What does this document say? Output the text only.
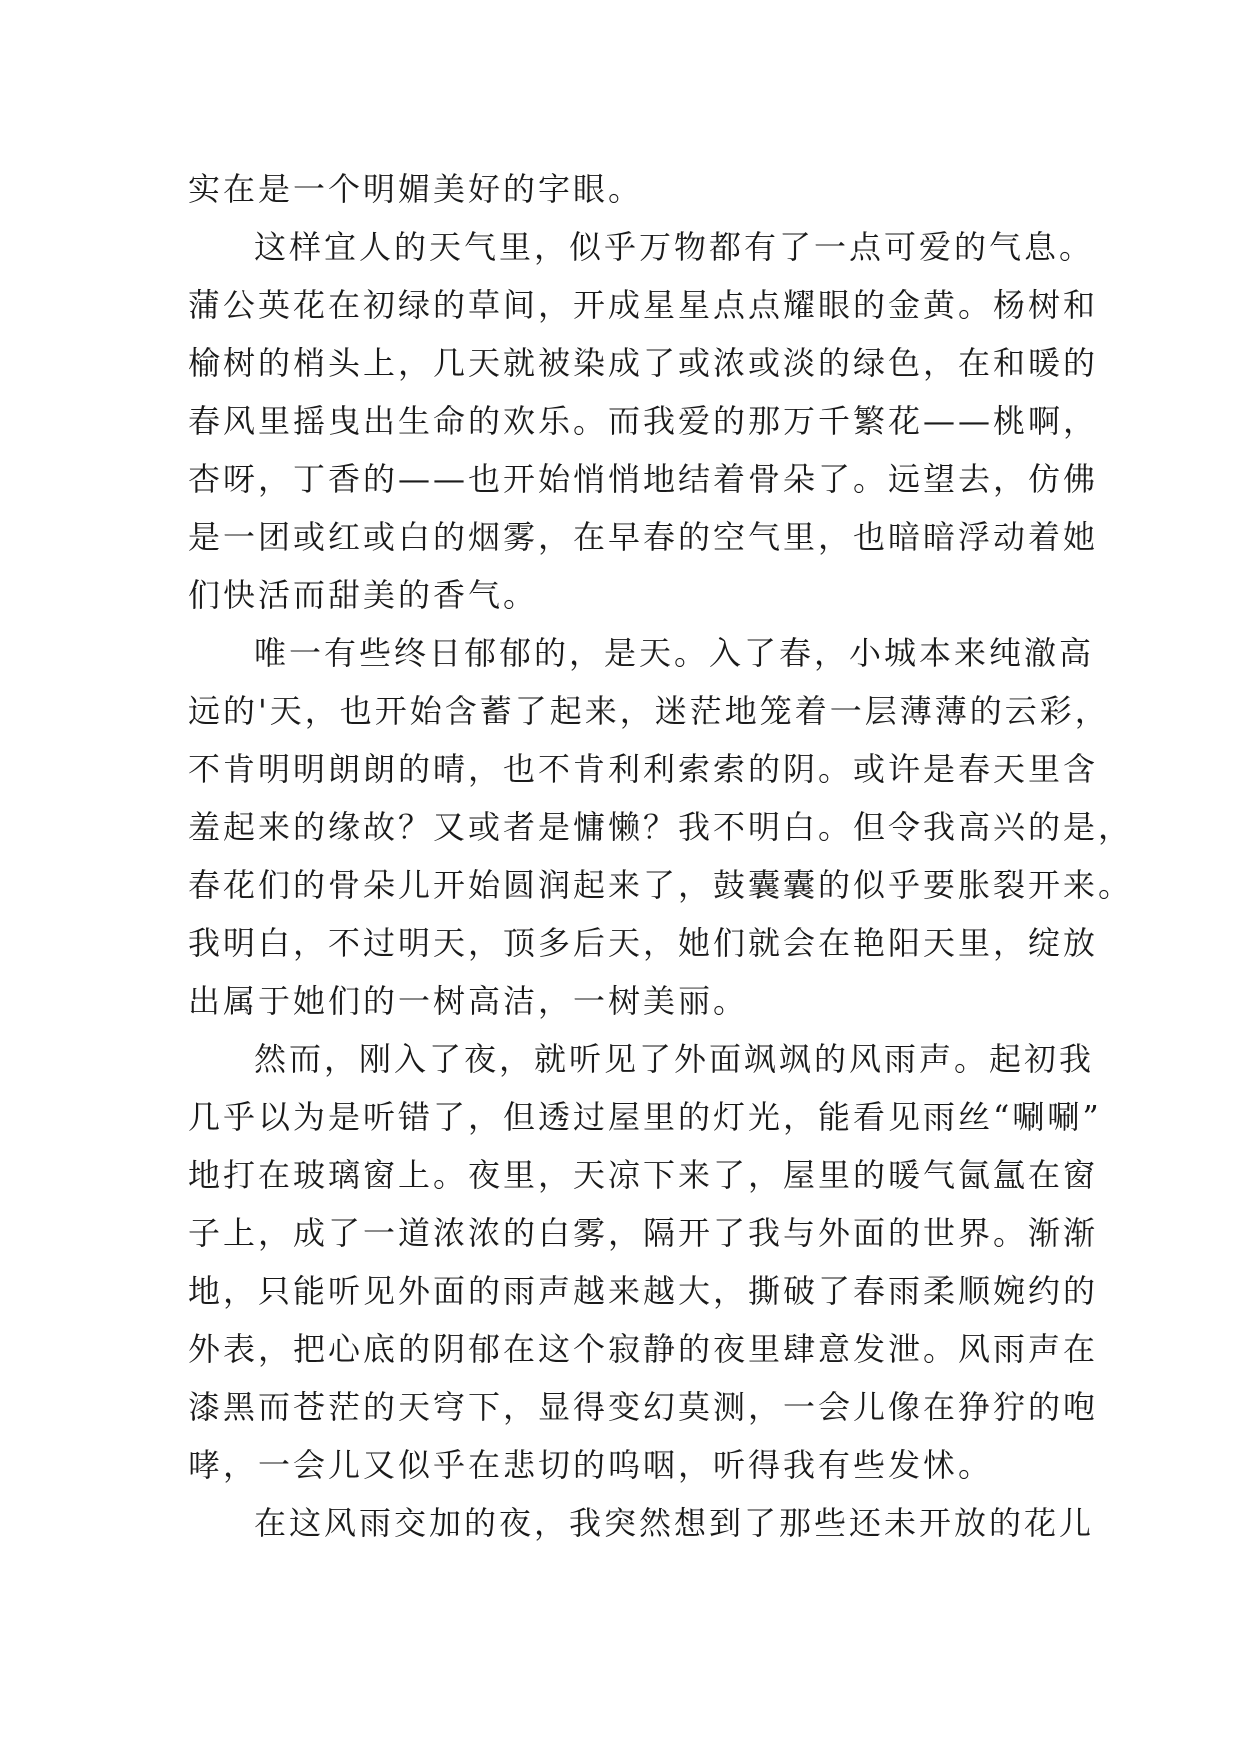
实在是一个明媚美好的字眼。
这样宜人的天气里，似乎万物都有了一点可爱的气息。
蒲公英花在初绿的草间，开成星星点点耀眼的金黄。杨树和
榆树的梢头上，几天就被染成了或浓或淡的绿色，在和暖的
春风里摇曳出生命的欢乐。而我爱的那万千繁花——桃啊，
杏呀，丁香的——也开始悄悄地结着骨朵了。远望去，仿佛
是一团或红或白的烟雾，在早春的空气里，也暗暗浮动着她
们快活而甜美的香气。
唯一有些终日郁郁的，是天。入了春，小城本来纯澈高
远的'天，也开始含蓄了起来，迷茫地笼着一层薄薄的云彩，
不肯明明朗朗的晴，也不肯利利索索的阴。或许是春天里含
羞起来的缘故？又或者是慵懒？我不明白。但令我高兴的是，
春花们的骨朵儿开始圆润起来了，鼓囊囊的似乎要胀裂开来。
我明白，不过明天，顶多后天，她们就会在艳阳天里，绽放
出属于她们的一树高洁，一树美丽。
然而，刚入了夜，就听见了外面飒飒的风雨声。起初我
几乎以为是听错了，但透过屋里的灯光，能看见雨丝“唰唰”
地打在玻璃窗上。夜里，天凉下来了，屋里的暖气氤氲在窗
子上，成了一道浓浓的白雾，隔开了我与外面的世界。渐渐
地，只能听见外面的雨声越来越大，撕破了春雨柔顺婉约的
外表，把心底的阴郁在这个寂静的夜里肆意发泄。风雨声在
漆黑而苍茫的天穹下，显得变幻莫测，一会儿像在狰狞的咆
哮，一会儿又似乎在悲切的呜咽，听得我有些发怵。
在这风雨交加的夜，我突然想到了那些还未开放的花儿
